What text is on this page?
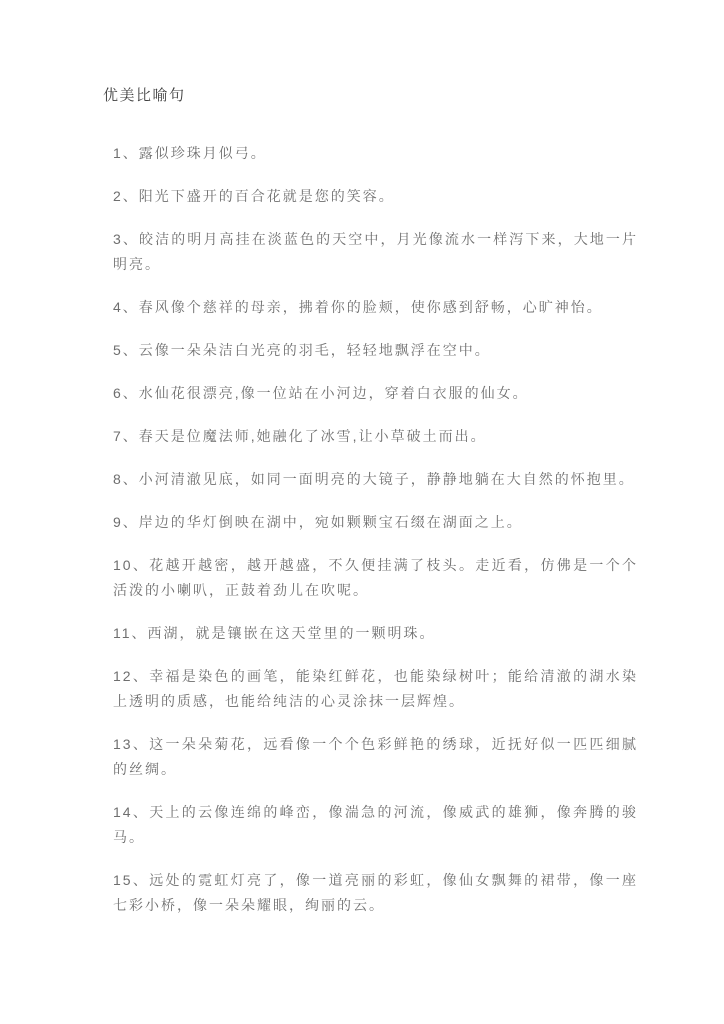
优美比喻句

1、露似珍珠月似弓。

2、阳光下盛开的百合花就是您的笑容。

3、皎洁的明月高挂在淡蓝色的天空中，月光像流水一样泻下来，大地一片明亮。

4、春风像个慈祥的母亲，拂着你的脸颊，使你感到舒畅，心旷神怡。

5、云像一朵朵洁白光亮的羽毛，轻轻地飘浮在空中。

6、水仙花很漂亮,像一位站在小河边，穿着白衣服的仙女。

7、春天是位魔法师,她融化了冰雪,让小草破土而出。

8、小河清澈见底，如同一面明亮的大镜子，静静地躺在大自然的怀抱里。

9、岸边的华灯倒映在湖中，宛如颗颗宝石缀在湖面之上。

10、花越开越密，越开越盛，不久便挂满了枝头。走近看，仿佛是一个个活泼的小喇叭，正鼓着劲儿在吹呢。

11、西湖，就是镶嵌在这天堂里的一颗明珠。

12、幸福是染色的画笔，能染红鲜花，也能染绿树叶；能给清澈的湖水染上透明的质感，也能给纯洁的心灵涂抹一层辉煌。

13、这一朵朵菊花，远看像一个个色彩鲜艳的绣球，近抚好似一匹匹细腻的丝绸。

14、天上的云像连绵的峰峦，像湍急的河流，像威武的雄狮，像奔腾的骏马。

15、远处的霓虹灯亮了，像一道亮丽的彩虹，像仙女飘舞的裙带，像一座七彩小桥，像一朵朵耀眼，绚丽的云。
